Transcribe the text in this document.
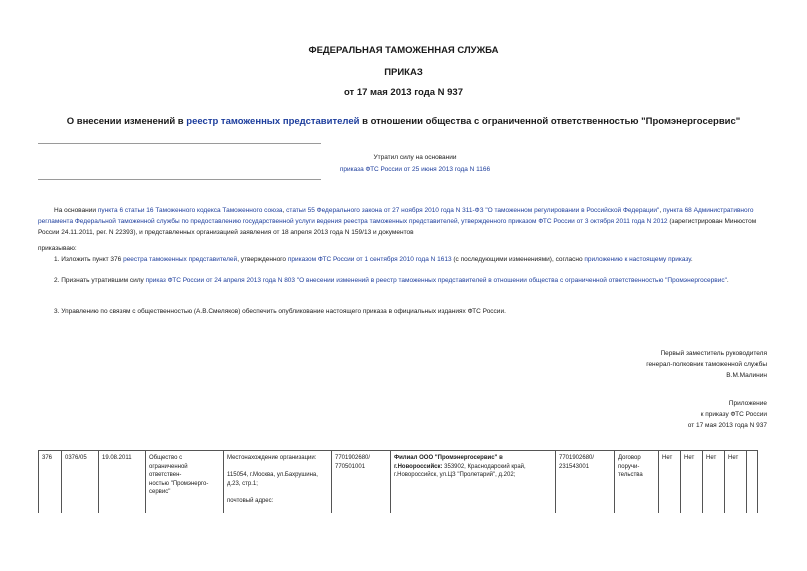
ФЕДЕРАЛЬНАЯ ТАМОЖЕННАЯ СЛУЖБА
ПРИКАЗ
от 17 мая 2013 года N 937
О внесении изменений в реестр таможенных представителей в отношении общества с ограниченной ответственностью "Промэнергосервис"
Утратил силу на основании
приказа ФТС России от 25 июня 2013 года N 1166
На основании пункта 6 статьи 16 Таможенного кодекса Таможенного союза, статьи 55 Федерального закона от 27 ноября 2010 года N 311-ФЗ "О таможенном регулировании в Российской Федерации", пункта 68 Административного регламента Федеральной таможенной службы по предоставлению государственной услуги ведения реестра таможенных представителей, утвержденного приказом ФТС России от 3 октября 2011 года N 2012 (зарегистрирован Минюстом России 24.11.2011, рег. N 22393), и представленных организацией заявления от 18 апреля 2013 года N 159/13 и документов
приказываю:
1. Изложить пункт 376 реестра таможенных представителей, утвержденного приказом ФТС России от 1 сентября 2010 года N 1613 (с последующими изменениями), согласно приложению к настоящему приказу.
2. Признать утратившим силу приказ ФТС России от 24 апреля 2013 года N 803 "О внесении изменений в реестр таможенных представителей в отношении общества с ограниченной ответственностью "Промэнергосервис".
3. Управлению по связям с общественностью (А.В.Смеляков) обеспечить опубликование настоящего приказа в официальных изданиях ФТС России.
Первый заместитель руководителя
генерал-полковник таможенной службы
В.М.Малинин
Приложение
к приказу ФТС России
от 17 мая 2013 года N 937
376	0376/05	19.08.2011	Общество с
ограниченной
ответствен-
ностью "Промэнерго-
сервис"	Местонахождение организации:

115054, г.Москва, ул.Бахрушина,
д.23, стр.1;

почтовый адрес:	7701902680/
770501001	Филиал ООО "Промэнергосервис" в г.Новороссийск: 353902, Краснодарский край, г.Новороссийск, ул.ЦЗ "Пролетарий", д.202;	7701902680/
231543001	Договор
поручи-
тельства	Нет	Нет	Нет	Нет	
